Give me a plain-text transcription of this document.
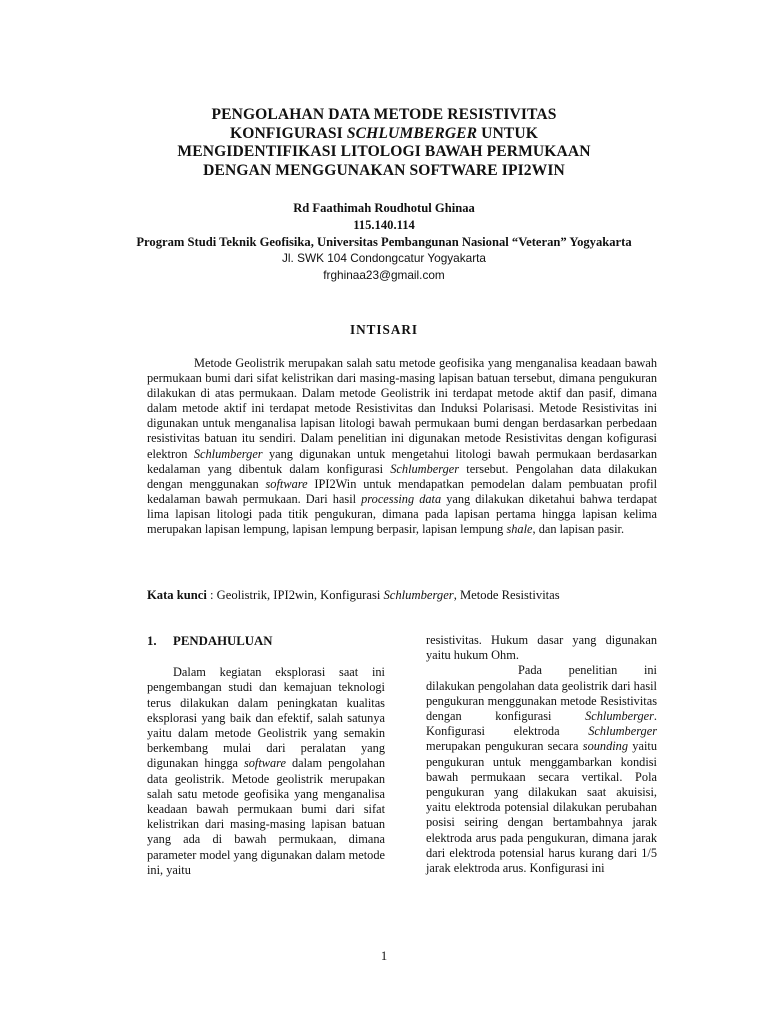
PENGOLAHAN DATA METODE RESISTIVITAS
KONFIGURASI SCHLUMBERGER UNTUK
MENGIDENTIFIKASI LITOLOGI BAWAH PERMUKAAN
DENGAN MENGGUNAKAN SOFTWARE IPI2WIN
Rd Faathimah Roudhotul Ghinaa
115.140.114
Program Studi Teknik Geofisika, Universitas Pembangunan Nasional “Veteran” Yogyakarta
Jl. SWK 104 Condongcatur Yogyakarta
frghinaa23@gmail.com
INTISARI

Metode Geolistrik merupakan salah satu metode geofisika yang menganalisa keadaan bawah permukaan bumi dari sifat kelistrikan dari masing-masing lapisan batuan tersebut, dimana pengukuran dilakukan di atas permukaan. Dalam metode Geolistrik ini terdapat metode aktif dan pasif, dimana dalam metode aktif ini terdapat metode Resistivitas dan Induksi Polarisasi. Metode Resistivitas ini digunakan untuk menganalisa lapisan litologi bawah permukaan bumi dengan berdasarkan perbedaan resistivitas batuan itu sendiri. Dalam penelitian ini digunakan metode Resistivitas dengan kofigurasi elektron Schlumberger yang digunakan untuk mengetahui litologi bawah permukaan berdasarkan kedalaman yang dibentuk dalam konfigurasi Schlumberger tersebut. Pengolahan data dilakukan dengan menggunakan software IPI2Win untuk mendapatkan pemodelan dalam pembuatan profil kedalaman bawah permukaan. Dari hasil processing data yang dilakukan diketahui bahwa terdapat lima lapisan litologi pada titik pengukuran, dimana pada lapisan pertama hingga lapisan kelima merupakan lapisan lempung, lapisan lempung berpasir, lapisan lempung shale, dan lapisan pasir.

Kata kunci : Geolistrik, IPI2win, Konfigurasi Schlumberger, Metode Resistivitas
1. PENDAHULUAN

Dalam kegiatan eksplorasi saat ini pengembangan studi dan kemajuan teknologi terus dilakukan dalam peningkatan kualitas eksplorasi yang baik dan efektif, salah satunya yaitu dalam metode Geolistrik yang semakin berkembang mulai dari peralatan yang digunakan hingga software dalam pengolahan data geolistrik. Metode geolistrik merupakan salah satu metode geofisika yang menganalisa keadaan bawah permukaan bumi dari sifat kelistrikan dari masing-masing lapisan batuan yang ada di bawah permukaan, dimana parameter model yang digunakan dalam metode ini, yaitu

resistivitas. Hukum dasar yang digunakan yaitu hukum Ohm.

Pada penelitian ini dilakukan pengolahan data geolistrik dari hasil pengukuran menggunakan metode Resistivitas dengan konfigurasi Schlumberger. Konfigurasi elektroda Schlumberger merupakan pengukuran secara sounding yaitu pengukuran untuk menggambarkan kondisi bawah permukaan secara vertikal. Pola pengukuran yang dilakukan saat akuisisi, yaitu elektroda potensial dilakukan perubahan posisi seiring dengan bertambahnya jarak elektroda arus pada pengukuran, dimana jarak dari elektroda potensial harus kurang dari 1/5 jarak elektroda arus. Konfigurasi ini

1
